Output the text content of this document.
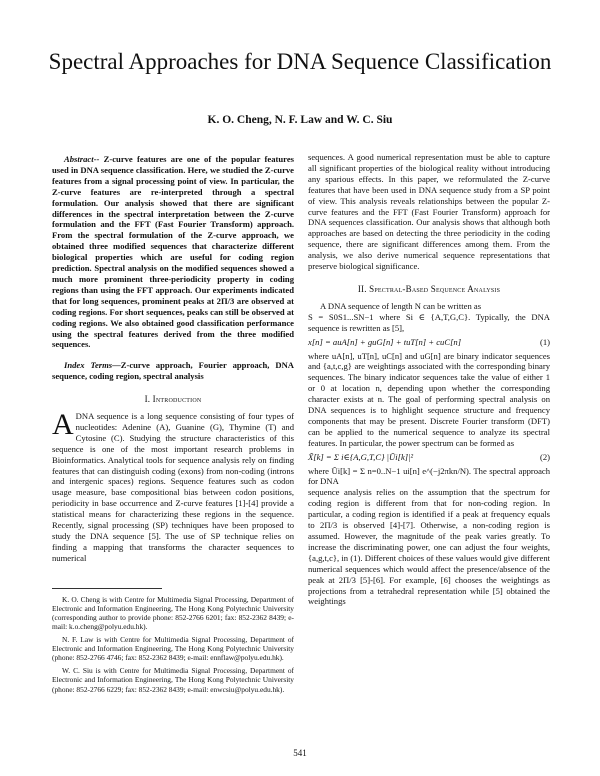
Spectral Approaches for DNA Sequence Classification
K. O. Cheng, N. F. Law and W. C. Siu

Abstract-- Z-curve features are one of the popular features used in DNA sequence classification. Here, we studied the Z-curve features from a signal processing point of view. In particular, the Z-curve features are re-interpreted through a spectral formulation. Our analysis showed that there are significant differences in the spectral interpretation between the Z-curve formulation and the FFT (Fast Fourier Transform) approach. From the spectral formulation of the Z-curve approach, we obtained three modified sequences that characterize different biological properties which are useful for coding region prediction. Spectral analysis on the modified sequences showed a much more prominent three-periodicity property in coding regions than using the FFT approach. Our experiments indicated that for long sequences, prominent peaks at 2Π/3 are observed at coding regions. For short sequences, peaks can still be observed at coding regions. We also obtained good classification performance using the spectral features derived from the three modified sequences.

Index Terms—Z-curve approach, Fourier approach, DNA sequence, coding region, spectral analysis

I. Introduction

ADNA sequence is a long sequence consisting of four types of nucleotides: Adenine (A), Guanine (G), Thymine (T) and Cytosine (C). Studying the structure characteristics of this sequence is one of the most important research problems in Bioinformatics. Analytical tools for sequence analysis rely on finding features that can distinguish coding (exons) from non-coding (introns and intergenic spaces) regions. Sequence features such as codon usage measure, base compositional bias between codon positions, periodicity in base occurrence and Z-curve features [1]-[4] provide a statistical means for characterizing these regions in the sequence. Recently, signal processing (SP) techniques have been proposed to study the DNA sequence [5]. The use of SP technique relies on finding a mapping that transforms the character sequences to numerical

K. O. Cheng is with Centre for Multimedia Signal Processing, Department of Electronic and Information Engineering, The Hong Kong Polytechnic University (corresponding author to provide phone: 852-2766 6201; fax: 852-2362 8439; e-mail: k.o.cheng@polyu.edu.hk).

N. F. Law is with Centre for Multimedia Signal Processing, Department of Electronic and Information Engineering, The Hong Kong Polytechnic University (phone: 852-2766 4746; fax: 852-2362 8439; e-mail: ennflaw@polyu.edu.hk).

W. C. Siu is with Centre for Multimedia Signal Processing, Department of Electronic and Information Engineering, The Hong Kong Polytechnic University (phone: 852-2766 6229; fax: 852-2362 8439; e-mail: enwcsiu@polyu.edu.hk).

sequences. A good numerical representation must be able to capture all significant properties of the biological reality without introducing any sparious effects. In this paper, we reformulated the Z-curve features that have been used in DNA sequence study from a SP point of view. This analysis reveals relationships between the popular Z-curve features and the FFT (Fast Fourier Transform) approach for DNA sequences classification. Our analysis shows that although both approaches are based on detecting the three periodicity in the coding sequence, there are significant differences among them. From the analysis, we also derive numerical sequence representations that preserve biological significance.

II. Spectral-Based Sequence Analysis

A DNA sequence of length N can be written as

S = S0S1...SN−1 where Si ∈ {A,T,G,C}. Typically, the DNA sequence is rewritten as [5],

x[n] = auA[n] + guG[n] + tuT[n] + cuC[n]	(1)

where uA[n], uT[n], uC[n] and uG[n] are binary indicator sequences and {a,t,c,g} are weightings associated with the corresponding binary sequences. The binary indicator sequences take the value of either 1 or 0 at location n, depending upon whether the corresponding character exists at n. The goal of performing spectral analysis on DNA sequences is to highlight sequence structure and frequency components that may be present. Discrete Fourier transform (DFT) can be applied to the numerical sequence to analyze its spectral features. In particular, the power spectrum can be formed as

X̃[k] = Σ i∈{A,G,T,C} |Ũi[k]|²	(2)

where Ũi[k] = Σ n=0..N−1 ui[n] e^(−j2πkn/N). The spectral approach for DNA

sequence analysis relies on the assumption that the spectrum for coding region is different from that for non-coding region. In particular, a coding region is identified if a peak at frequency equals to 2Π/3 is observed [4]-[7]. Otherwise, a non-coding region is assumed. However, the magnitude of the peak varies greatly. To increase the discriminating power, one can adjust the four weights, {a,g,t,c}, in (1). Different choices of these values would give different numerical sequences which would affect the presence/absence of the peak at 2Π/3 [5]-[6]. For example, [6] chooses the weightings as projections from a tetrahedral representation while [5] obtained the weightings

541
